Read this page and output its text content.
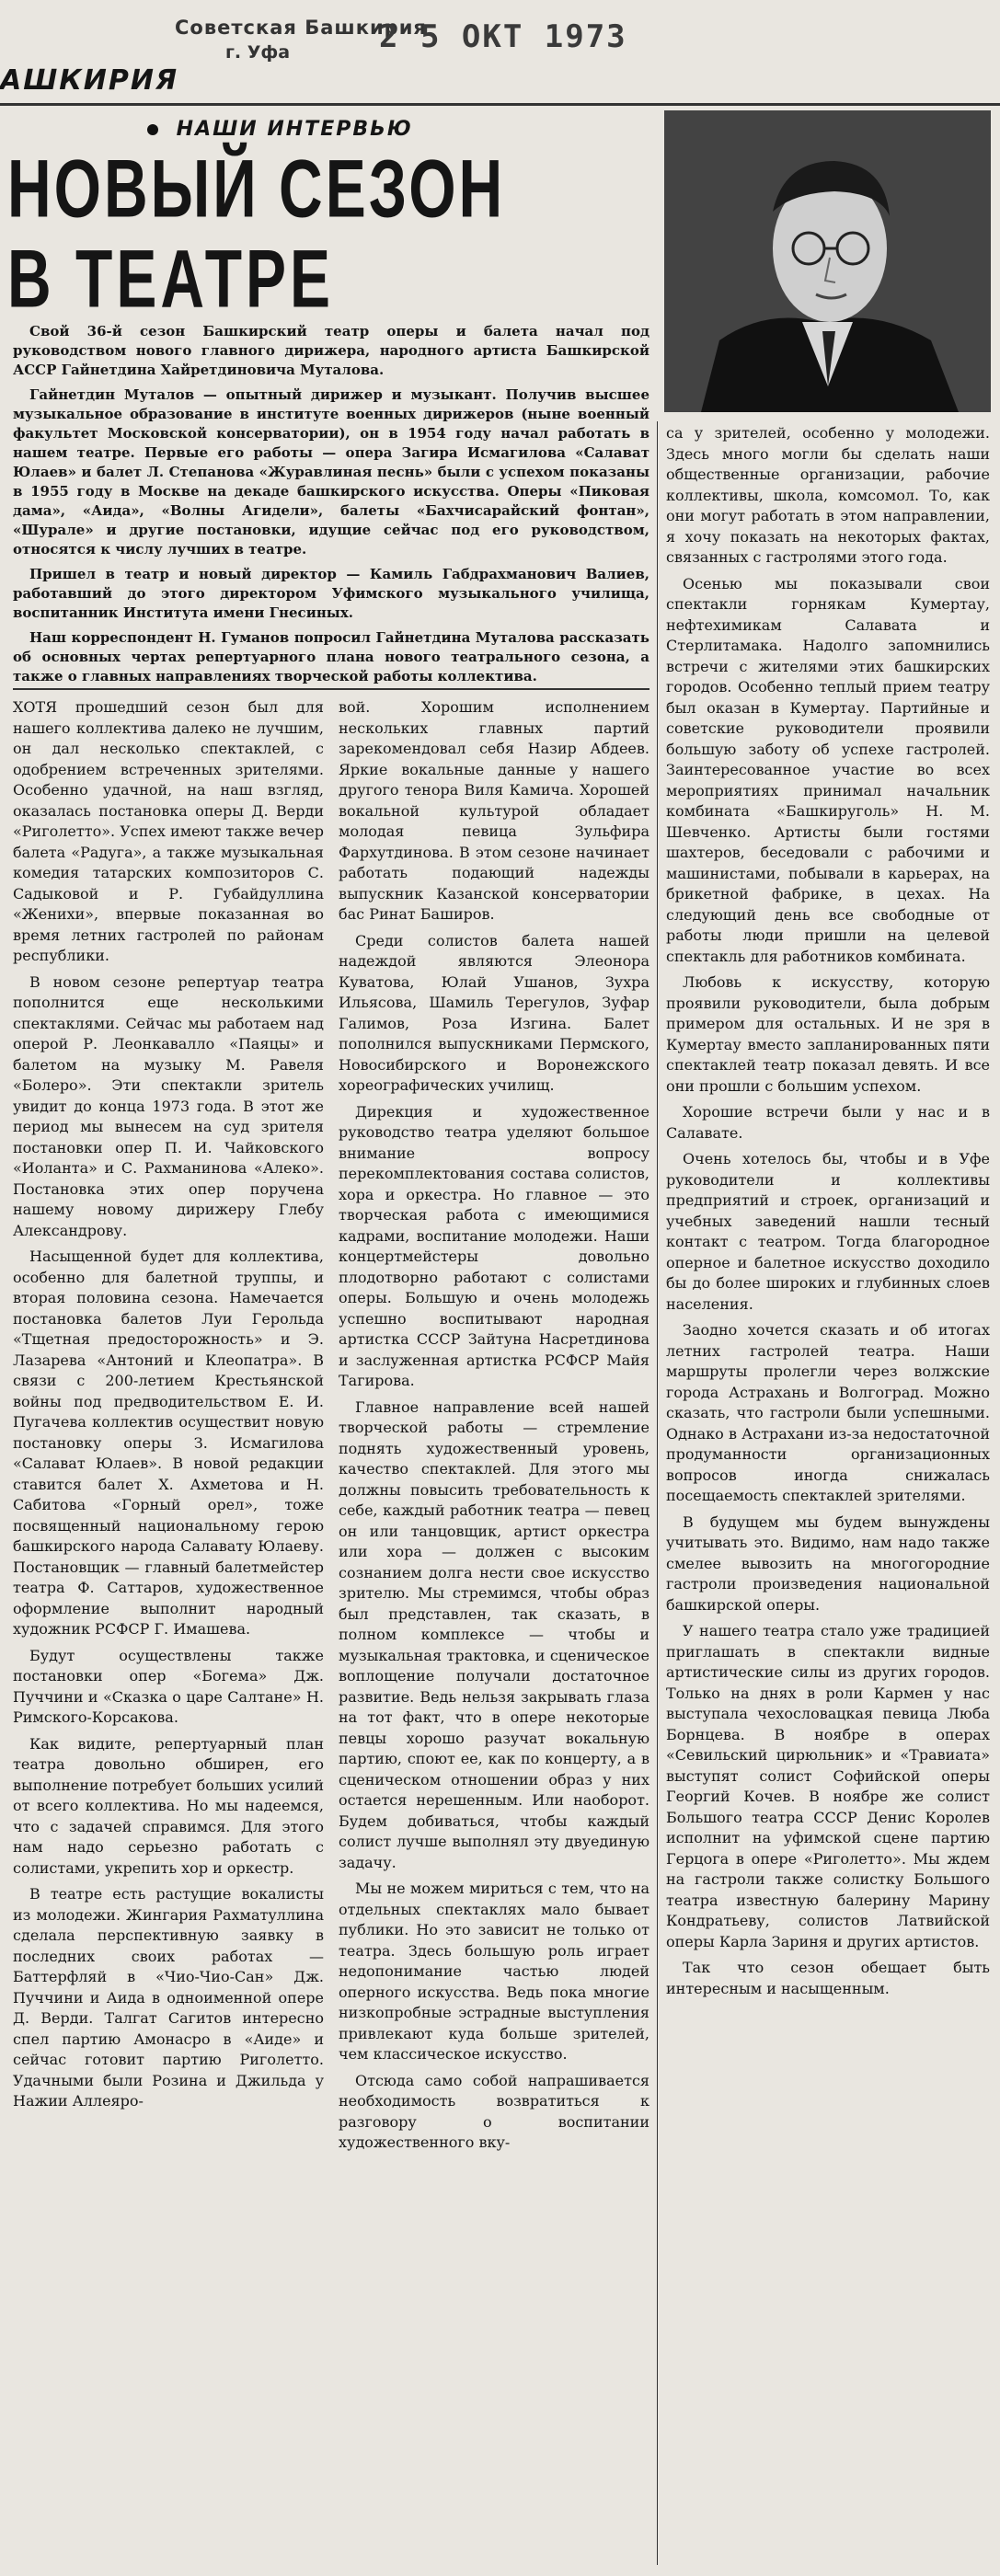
Советская Башкирия
г. Уфа	2 5 ОКТ 1973
АШКИРИЯ
НАШИ ИНТЕРВЬЮ
НОВЫЙ СЕЗОН
В ТЕАТРЕ

Свой 36-й сезон Башкирский театр оперы и балета начал под руководством нового главного дирижера, народного артиста Башкирской АССР Гайнетдина Хайретдиновича Муталова.

Гайнетдин Муталов — опытный дирижер и музыкант. Получив высшее музыкальное образование в институте военных дирижеров (ныне военный факультет Московской консерватории), он в 1954 году начал работать в нашем театре. Первые его работы — опера Загира Исмагилова «Салават Юлаев» и балет Л. Степанова «Журавлиная песнь» были с успехом показаны в 1955 году в Москве на декаде башкирского искусства. Оперы «Пиковая дама», «Аида», «Волны Агидели», балеты «Бахчисарайский фонтан», «Шурале» и другие постановки, идущие сейчас под его руководством, относятся к числу лучших в театре.

Пришел в театр и новый директор — Камиль Габдрахманович Валиев, работавший до этого директором Уфимского музыкального училища, воспитанник Института имени Гнесиных.

Наш корреспондент Н. Гуманов попросил Гайнетдина Муталова рассказать об основных чертах репертуарного плана нового театрального сезона, а также о главных направлениях творческой работы коллектива.

ХОТЯ прошедший сезон был для нашего коллектива далеко не лучшим, он дал несколько спектаклей, с одобрением встреченных зрителями. Особенно удачной, на наш взгляд, оказалась постановка оперы Д. Верди «Риголетто». Успех имеют также вечер балета «Радуга», а также музыкальная комедия татарских композиторов С. Садыковой и Р. Губайдуллина «Женихи», впервые показанная во время летних гастролей по районам республики.

В новом сезоне репертуар театра пополнится еще несколькими спектаклями. Сейчас мы работаем над оперой Р. Леонкавалло «Паяцы» и балетом на музыку М. Равеля «Болеро». Эти спектакли зритель увидит до конца 1973 года. В этот же период мы вынесем на суд зрителя постановки опер П. И. Чайковского «Иоланта» и С. Рахманинова «Алеко». Постановка этих опер поручена нашему новому дирижеру Глебу Александрову.

Насыщенной будет для коллектива, особенно для балетной труппы, и вторая половина сезона. Намечается постановка балетов Луи Герольда «Тщетная предосторожность» и Э. Лазарева «Антоний и Клеопатра». В связи с 200-летием Крестьянской войны под предводительством Е. И. Пугачева коллектив осуществит новую постановку оперы З. Исмагилова «Салават Юлаев». В новой редакции ставится балет Х. Ахметова и Н. Сабитова «Горный орел», тоже посвященный национальному герою башкирского народа Салавату Юлаеву. Постановщик — главный балетмейстер театра Ф. Саттаров, художественное оформление выполнит народный художник РСФСР Г. Имашева.

Будут осуществлены также постановки опер «Богема» Дж. Пуччини и «Сказка о царе Салтане» Н. Римского-Корсакова.

Как видите, репертуарный план театра довольно обширен, его выполнение потребует больших усилий от всего коллектива. Но мы надеемся, что с задачей справимся. Для этого нам надо серьезно работать с солистами, укрепить хор и оркестр.

В театре есть растущие вокалисты из молодежи. Жингария Рахматуллина сделала перспективную заявку в последних своих работах — Баттерфляй в «Чио-Чио-Сан» Дж. Пуччини и Аида в одноименной опере Д. Верди. Талгат Сагитов интересно спел партию Амонасро в «Аиде» и сейчас готовит партию Риголетто. Удачными были Розина и Джильда у Нажии Аллеяро-

вой. Хорошим исполнением нескольких главных партий зарекомендовал себя Назир Абдеев. Яркие вокальные данные у нашего другого тенора Виля Камича. Хорошей вокальной культурой обладает молодая певица Зульфира Фархутдинова. В этом сезоне начинает работать подающий надежды выпускник Казанской консерватории бас Ринат Баширов.

Среди солистов балета нашей надеждой являются Элеонора Куватова, Юлай Ушанов, Зухра Ильясова, Шамиль Терегулов, Зуфар Галимов, Роза Изгина. Балет пополнился выпускниками Пермского, Новосибирского и Воронежского хореографических училищ.

Дирекция и художественное руководство театра уделяют большое внимание вопросу перекомплектования состава солистов, хора и оркестра. Но главное — это творческая работа с имеющимися кадрами, воспитание молодежи. Наши концертмейстеры довольно плодотворно работают с солистами оперы. Большую и очень молодежь успешно воспитывают народная артистка СССР Зайтуна Насретдинова и заслуженная артистка РСФСР Майя Тагирова.

Главное направление всей нашей творческой работы — стремление поднять художественный уровень, качество спектаклей. Для этого мы должны повысить требовательность к себе, каждый работник театра — певец он или танцовщик, артист оркестра или хора — должен с высоким сознанием долга нести свое искусство зрителю. Мы стремимся, чтобы образ был представлен, так сказать, в полном комплексе — чтобы и музыкальная трактовка, и сценическое воплощение получали достаточное развитие. Ведь нельзя закрывать глаза на тот факт, что в опере некоторые певцы хорошо разучат вокальную партию, споют ее, как по концерту, а в сценическом отношении образ у них остается нерешенным. Или наоборот. Будем добиваться, чтобы каждый солист лучше выполнял эту двуединую задачу.

Мы не можем мириться с тем, что на отдельных спектаклях мало бывает публики. Но это зависит не только от театра. Здесь большую роль играет недопонимание частью людей оперного искусства. Ведь пока многие низкопробные эстрадные выступления привлекают куда больше зрителей, чем классическое искусство.

Отсюда само собой напрашивается необходимость возвратиться к разговору о воспитании художественного вку-

са у зрителей, особенно у молодежи. Здесь много могли бы сделать наши общественные организации, рабочие коллективы, школа, комсомол. То, как они могут работать в этом направлении, я хочу показать на некоторых фактах, связанных с гастролями этого года.

Осенью мы показывали свои спектакли горнякам Кумертау, нефтехимикам Салавата и Стерлитамака. Надолго запомнились встречи с жителями этих башкирских городов. Особенно теплый прием театру был оказан в Кумертау. Партийные и советские руководители проявили большую заботу об успехе гастролей. Заинтересованное участие во всех мероприятиях принимал начальник комбината «Башкируголь» Н. М. Шевченко. Артисты были гостями шахтеров, беседовали с рабочими и машинистами, побывали в карьерах, на брикетной фабрике, в цехах. На следующий день все свободные от работы люди пришли на целевой спектакль для работников комбината.

Любовь к искусству, которую проявили руководители, была добрым примером для остальных. И не зря в Кумертау вместо запланированных пяти спектаклей театр показал девять. И все они прошли с большим успехом.

Хорошие встречи были у нас и в Салавате.

Очень хотелось бы, чтобы и в Уфе руководители и коллективы предприятий и строек, организаций и учебных заведений нашли тесный контакт с театром. Тогда благородное оперное и балетное искусство доходило бы до более широких и глубинных слоев населения.

Заодно хочется сказать и об итогах летних гастролей театра. Наши маршруты пролегли через волжские города Астрахань и Волгоград. Можно сказать, что гастроли были успешными. Однако в Астрахани из-за недостаточной продуманности организационных вопросов иногда снижалась посещаемость спектаклей зрителями.

В будущем мы будем вынуждены учитывать это. Видимо, нам надо также смелее вывозить на многогородние гастроли произведения национальной башкирской оперы.

У нашего театра стало уже традицией приглашать в спектакли видные артистические силы из других городов. Только на днях в роли Кармен у нас выступала чехословацкая певица Люба Борнцева. В ноябре в операх «Севильский цирюльник» и «Травиата» выступят солист Софийской оперы Георгий Кочев. В ноябре же солист Большого театра СССР Денис Королев исполнит на уфимской сцене партию Герцога в опере «Риголетто». Мы ждем на гастроли также солистку Большого театра известную балерину Марину Кондратьеву, солистов Латвийской оперы Карла Зариня и других артистов.

Так что сезон обещает быть интересным и насыщенным.
